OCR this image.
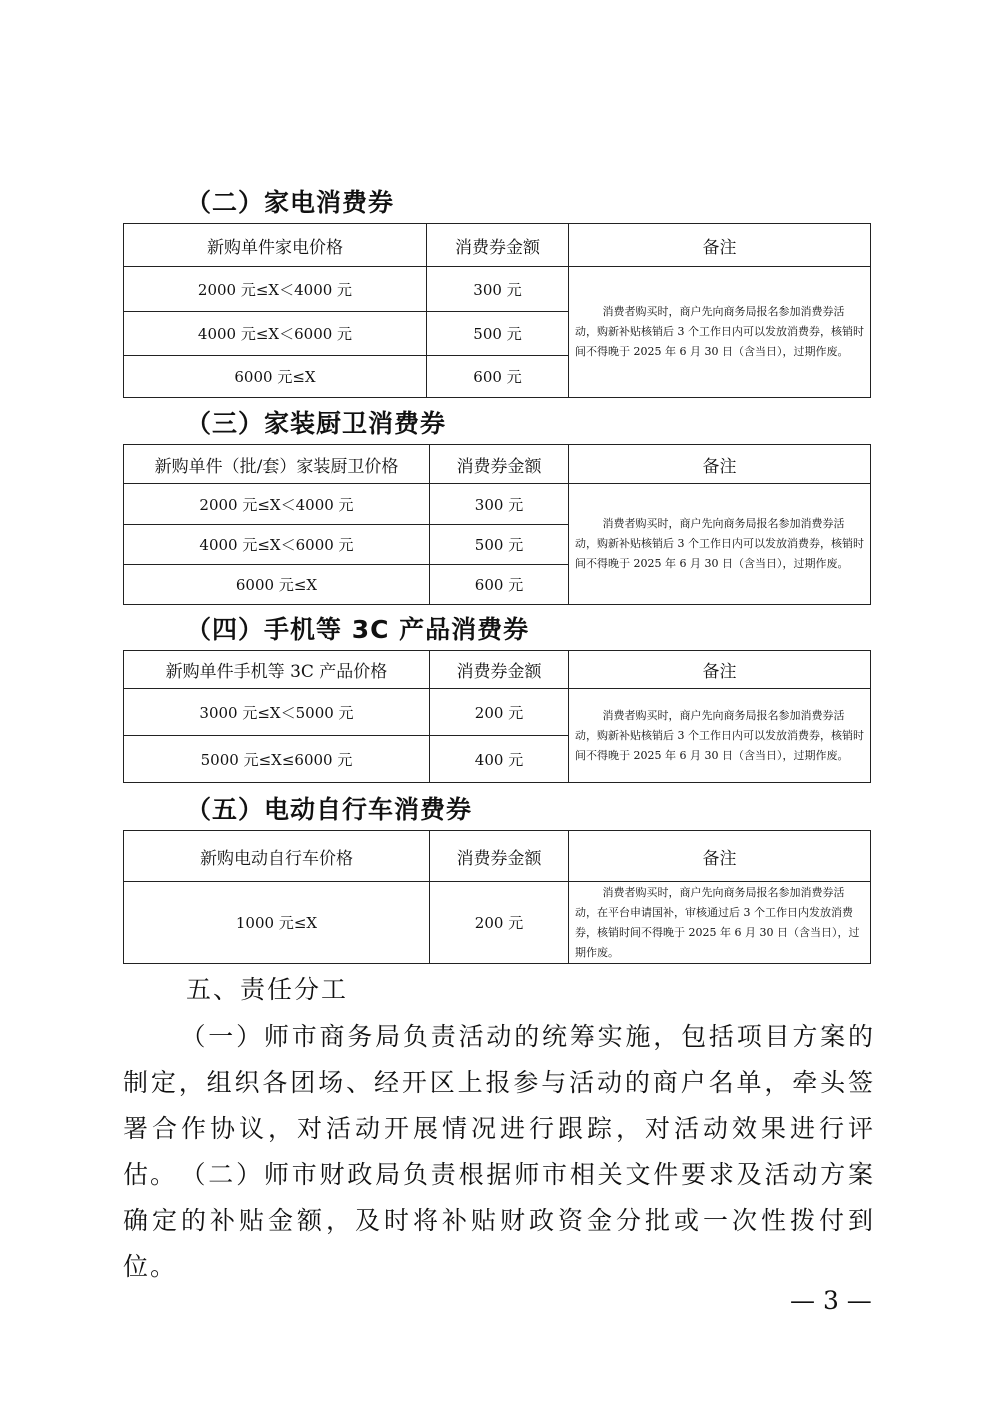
（二）家电消费券
新购单件家电价格	消费券金额	备注
2000 元≤X＜4000 元	300 元	消费者购买时，商户先向商务局报名参加消费券活动，购新补贴核销后 3 个工作日内可以发放消费券，核销时间不得晚于 2025 年 6 月 30 日（含当日），过期作废。
4000 元≤X＜6000 元	500 元	
6000 元≤X	600 元	
（三）家装厨卫消费券
新购单件（批/套）家装厨卫价格	消费券金额	备注
2000 元≤X＜4000 元	300 元	消费者购买时，商户先向商务局报名参加消费券活动，购新补贴核销后 3 个工作日内可以发放消费券，核销时间不得晚于 2025 年 6 月 30 日（含当日），过期作废。
4000 元≤X＜6000 元	500 元	
6000 元≤X	600 元	
（四）手机等 3C 产品消费券
新购单件手机等 3C 产品价格	消费券金额	备注
3000 元≤X＜5000 元	200 元	消费者购买时，商户先向商务局报名参加消费券活动，购新补贴核销后 3 个工作日内可以发放消费券，核销时间不得晚于 2025 年 6 月 30 日（含当日），过期作废。
5000 元≤X≤6000 元	400 元	
（五）电动自行车消费券
新购电动自行车价格	消费券金额	备注
1000 元≤X	200 元	消费者购买时，商户先向商务局报名参加消费券活动，在平台申请国补，审核通过后 3 个工作日内发放消费券，核销时间不得晚于 2025 年 6 月 30 日（含当日），过期作废。
五、责任分工
（一）师市商务局负责活动的统筹实施，包括项目方案的制定，组织各团场、经开区上报参与活动的商户名单，牵头签署合作协议，对活动开展情况进行跟踪，对活动效果进行评估。 （二）师市财政局负责根据师市相关文件要求及活动方案确定的补贴金额，及时将补贴财政资金分批或一次性拨付到位。
— 3 —
